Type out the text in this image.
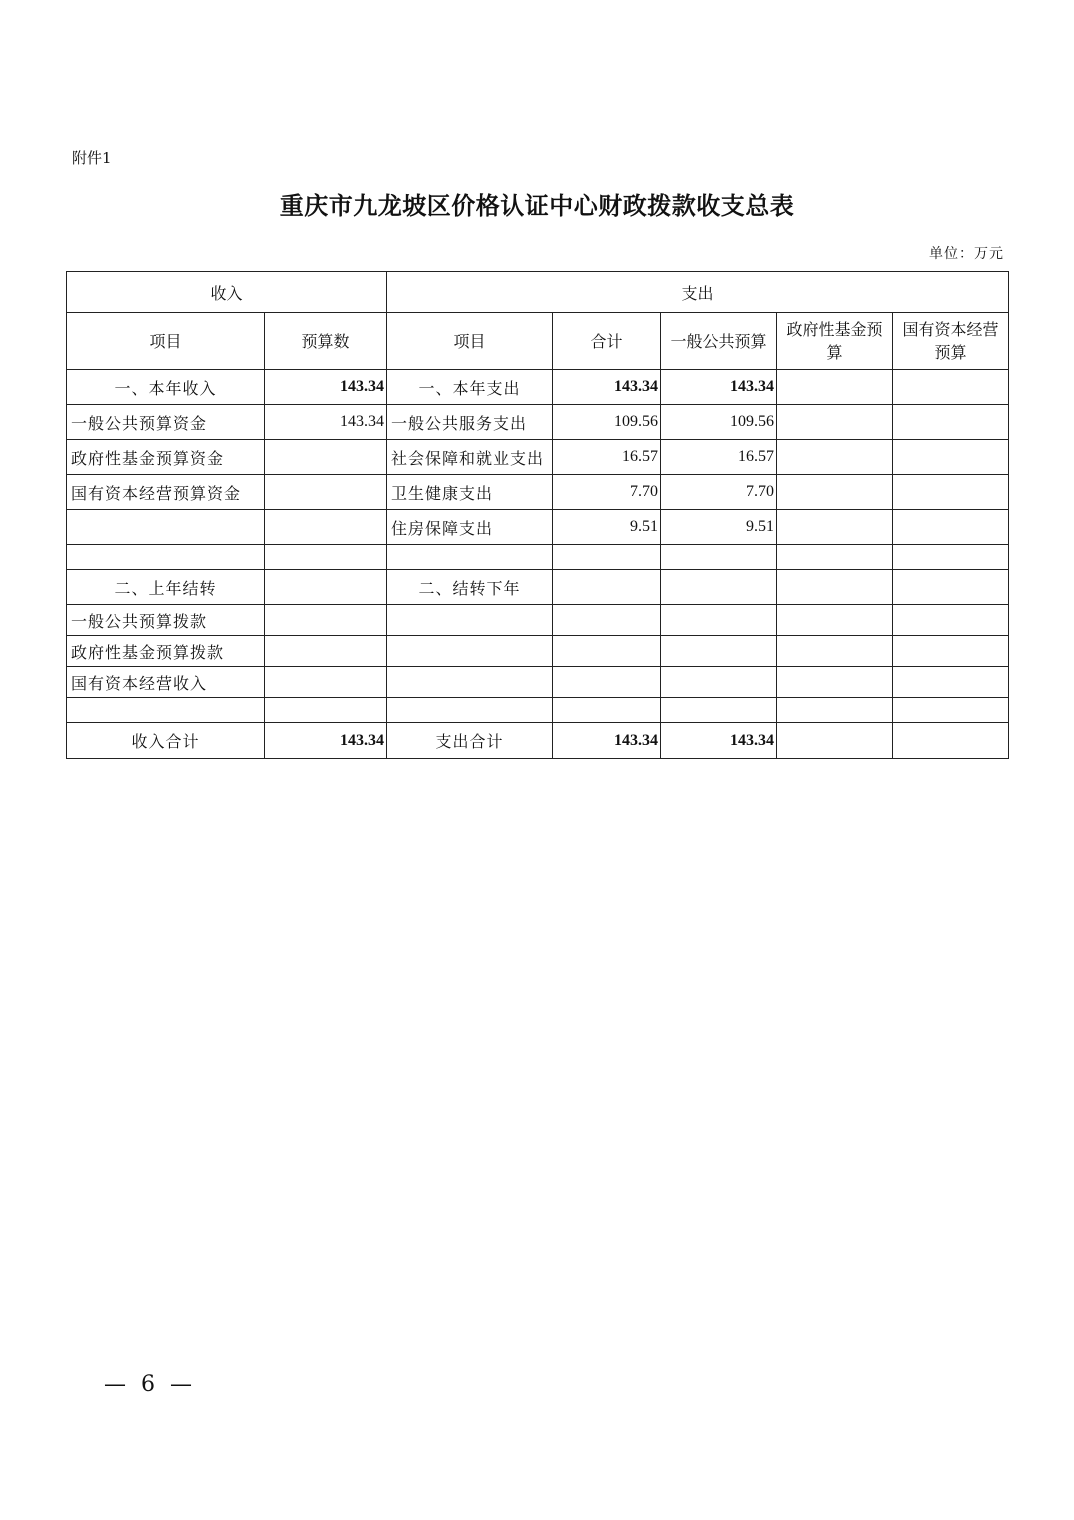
附件1
重庆市九龙坡区价格认证中心财政拨款收支总表
单位：万元
收入		支出				
项目	预算数	项目	合计	一般公共预算	政府性基金预算	国有资本经营预算
一、本年收入	143.34	一、本年支出	143.34	143.34		
一般公共预算资金	143.34	一般公共服务支出	109.56	109.56		
政府性基金预算资金		社会保障和就业支出	16.57	16.57		
国有资本经营预算资金		卫生健康支出	7.70	7.70		
		住房保障支出	9.51	9.51		

二、上年结转		二、结转下年				
一般公共预算拨款						
政府性基金预算拨款						
国有资本经营收入						

收入合计	143.34	支出合计	143.34	143.34		
— 6 —
